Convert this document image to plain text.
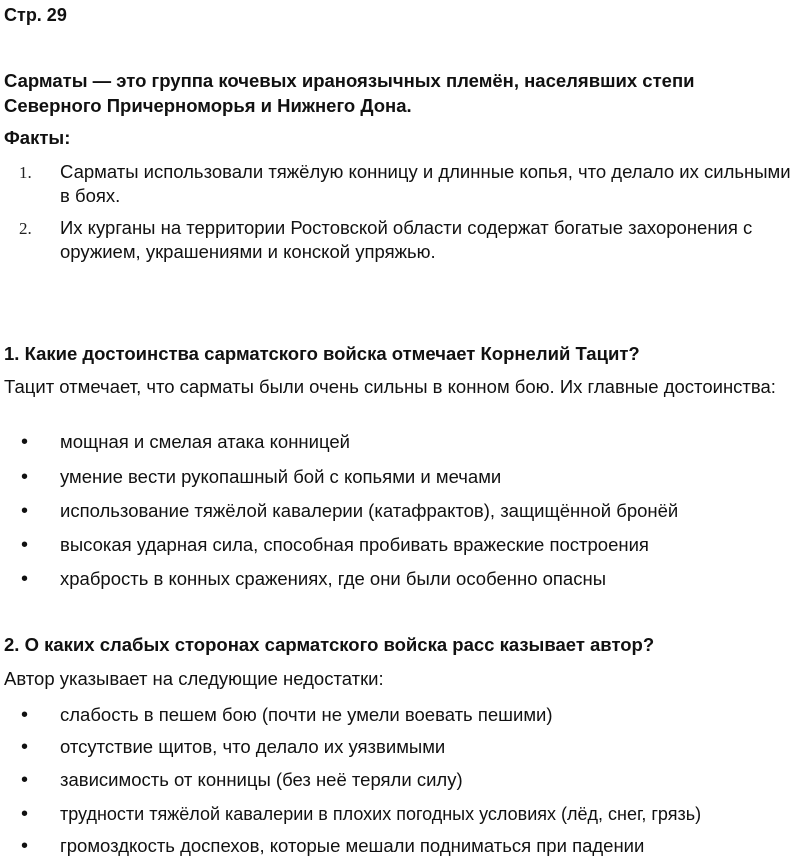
Стр. 29
Сарматы — это группа кочевых ираноязычных племён, населявших степи Северного Причерноморья и Нижнего Дона.
Факты:
1. Сарматы использовали тяжёлую конницу и длинные копья, что делало их сильными в боях.
2. Их курганы на территории Ростовской области содержат богатые захоронения с оружием, украшениями и конской упряжью.
1. Какие достоинства сарматского войска отмечает Корнелий Тацит?
Тацит отмечает, что сарматы были очень сильны в конном бою. Их главные достоинства:
• мощная и смелая атака конницей
• умение вести рукопашный бой с копьями и мечами
• использование тяжёлой кавалерии (катафрактов), защищённой бронёй
• высокая ударная сила, способная пробивать вражеские построения
• храбрость в конных сражениях, где они были особенно опасны
2. О каких слабых сторонах сарматского войска расс казывает автор?
Автор указывает на следующие недостатки:
• слабость в пешем бою (почти не умели воевать пешими)
• отсутствие щитов, что делало их уязвимыми
• зависимость от конницы (без неё теряли силу)
• трудности тяжёлой кавалерии в плохих погодных условиях (лёд, снег, грязь)
• громоздкость доспехов, которые мешали подниматься при падении
